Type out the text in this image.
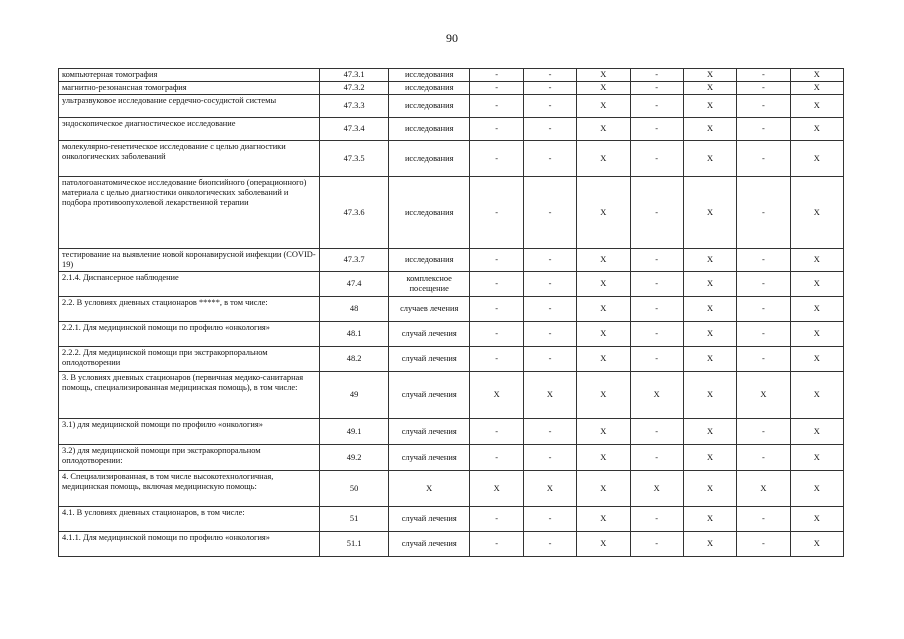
90
компьютерная томография	47.3.1	исследования	-	-	X	-	X	-	X
магнитно-резонансная томография	47.3.2	исследования	-	-	X	-	X	-	X
ультразвуковое исследование сердечно-сосудистой системы	47.3.3	исследования	-	-	X	-	X	-	X
эндоскопическое диагностическое исследование	47.3.4	исследования	-	-	X	-	X	-	X
молекулярно-генетическое исследование с целью диагностики онкологических заболеваний	47.3.5	исследования	-	-	X	-	X	-	X
патологоанатомическое исследование биопсийного (операционного) материала с целью диагностики онкологических заболеваний и подбора противоопухолевой лекарственной терапии	47.3.6	исследования	-	-	X	-	X	-	X
тестирование на выявление новой коронавирусной инфекции (COVID-19)	47.3.7	исследования	-	-	X	-	X	-	X
2.1.4. Диспансерное наблюдение	47.4	комплексное посещение	-	-	X	-	X	-	X
2.2. В условиях дневных стационаров *****, в том числе:	48	случаев лечения	-	-	X	-	X	-	X
2.2.1. Для медицинской помощи по профилю «онкология»	48.1	случай лечения	-	-	X	-	X	-	X
2.2.2. Для медицинской помощи при экстракорпоральном оплодотворении	48.2	случай лечения	-	-	X	-	X	-	X
3. В условиях дневных стационаров (первичная медико-санитарная помощь, специализированная медицинская помощь), в том числе:	49	случай лечения	X	X	X	X	X	X	X
3.1) для медицинской помощи по профилю «онкология»	49.1	случай лечения	-	-	X	-	X	-	X
3.2) для медицинской помощи при экстракорпоральном оплодотворении:	49.2	случай лечения	-	-	X	-	X	-	X
4. Специализированная, в том числе высокотехнологичная, медицинская помощь, включая медицинскую помощь:	50	X	X	X	X	X	X	X	X
4.1. В условиях дневных стационаров, в том числе:	51	случай лечения	-	-	X	-	X	-	X
4.1.1. Для медицинской помощи по профилю «онкология»	51.1	случай лечения	-	-	X	-	X	-	X
